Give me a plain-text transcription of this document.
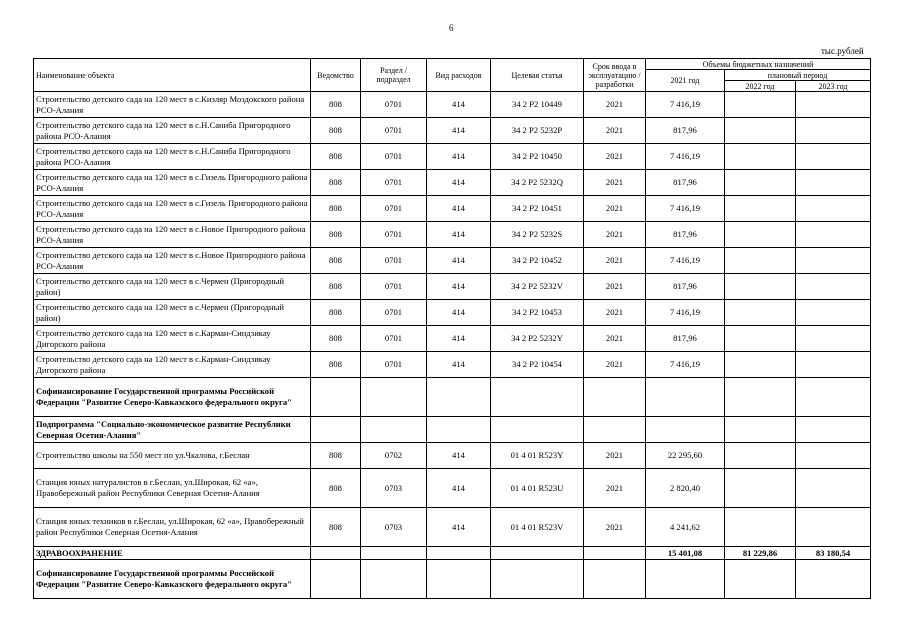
6
тыс.рублей
Наименование объекта	Ведомство	Раздел / подраздел	Вид расходов	Целевая статья	Срок ввода в эксплуатацию / разработки	Объемы бюджетных назначений		
						2021 год	плановый период	
							2022 год	2023 год
Строительство детского сада на 120 мест в с.Кизляр Моздокского района РСО-Алания	808	0701	414	34 2 P2 10449	2021	7 416,19		
Строительство детского сада на 120 мест в с.Н.Саниба Пригородного района РСО-Алания	808	0701	414	34 2 P2 5232P	2021	817,96		
Строительство детского сада на 120 мест в с.Н.Саниба Пригородного района РСО-Алания	808	0701	414	34 2 P2 10450	2021	7 416,19		
Строительство детского сада на 120 мест в с.Гизель Пригородного района РСО-Алания	808	0701	414	34 2 P2 5232Q	2021	817,96		
Строительство детского сада на 120 мест в с.Гизель Пригородного района РСО-Алания	808	0701	414	34 2 P2 10451	2021	7 416,19		
Строительство детского сада на 120 мест в с.Новое Пригородного района РСО-Алания	808	0701	414	34 2 P2 5232S	2021	817,96		
Строительство детского сада на 120 мест в с.Новое Пригородного района РСО-Алания	808	0701	414	34 2 P2 10452	2021	7 416,19		
Строительство детского сада на 120 мест в с.Чермен (Пригородный район)	808	0701	414	34 2 P2 5232V	2021	817,96		
Строительство детского сада на 120 мест в с.Чермен (Пригородный район)	808	0701	414	34 2 P2 10453	2021	7 416,19		
Строительство детского сада на 120 мест в с.Карман-Синдзикау Дигорского района	808	0701	414	34 2 P2 5232Y	2021	817,96		
Строительство детского сада на 120 мест в с.Карман-Синдзикау Дигорского района	808	0701	414	34 2 P2 10454	2021	7 416,19		
Софинансирование Государственной программы Российской Федерации "Развитие Северо-Кавказского федерального округа"								
Подпрограмма "Социально-экономическое развитие Республики Северная Осетия-Алания"								
Строительство школы на 550 мест по ул.Чкалова, г.Беслан	808	0702	414	01 4 01 R523Y	2021	22 295,60		
Станция юных натуралистов в г.Беслан, ул.Широкая, 62 «а», Правобережный район Республики Северная Осетия-Алания	808	0703	414	01 4 01 R523U	2021	2 820,40		
Станция юных техников в г.Беслан, ул.Широкая, 62 «а», Правобережный район Республики Северная Осетия-Алания	808	0703	414	01 4 01 R523V	2021	4 241,62		
ЗДРАВООХРАНЕНИЕ						15 401,08	81 229,86	83 180,54
Софинансирование Государственной программы Российской Федерации "Развитие Северо-Кавказского федерального округа"								
